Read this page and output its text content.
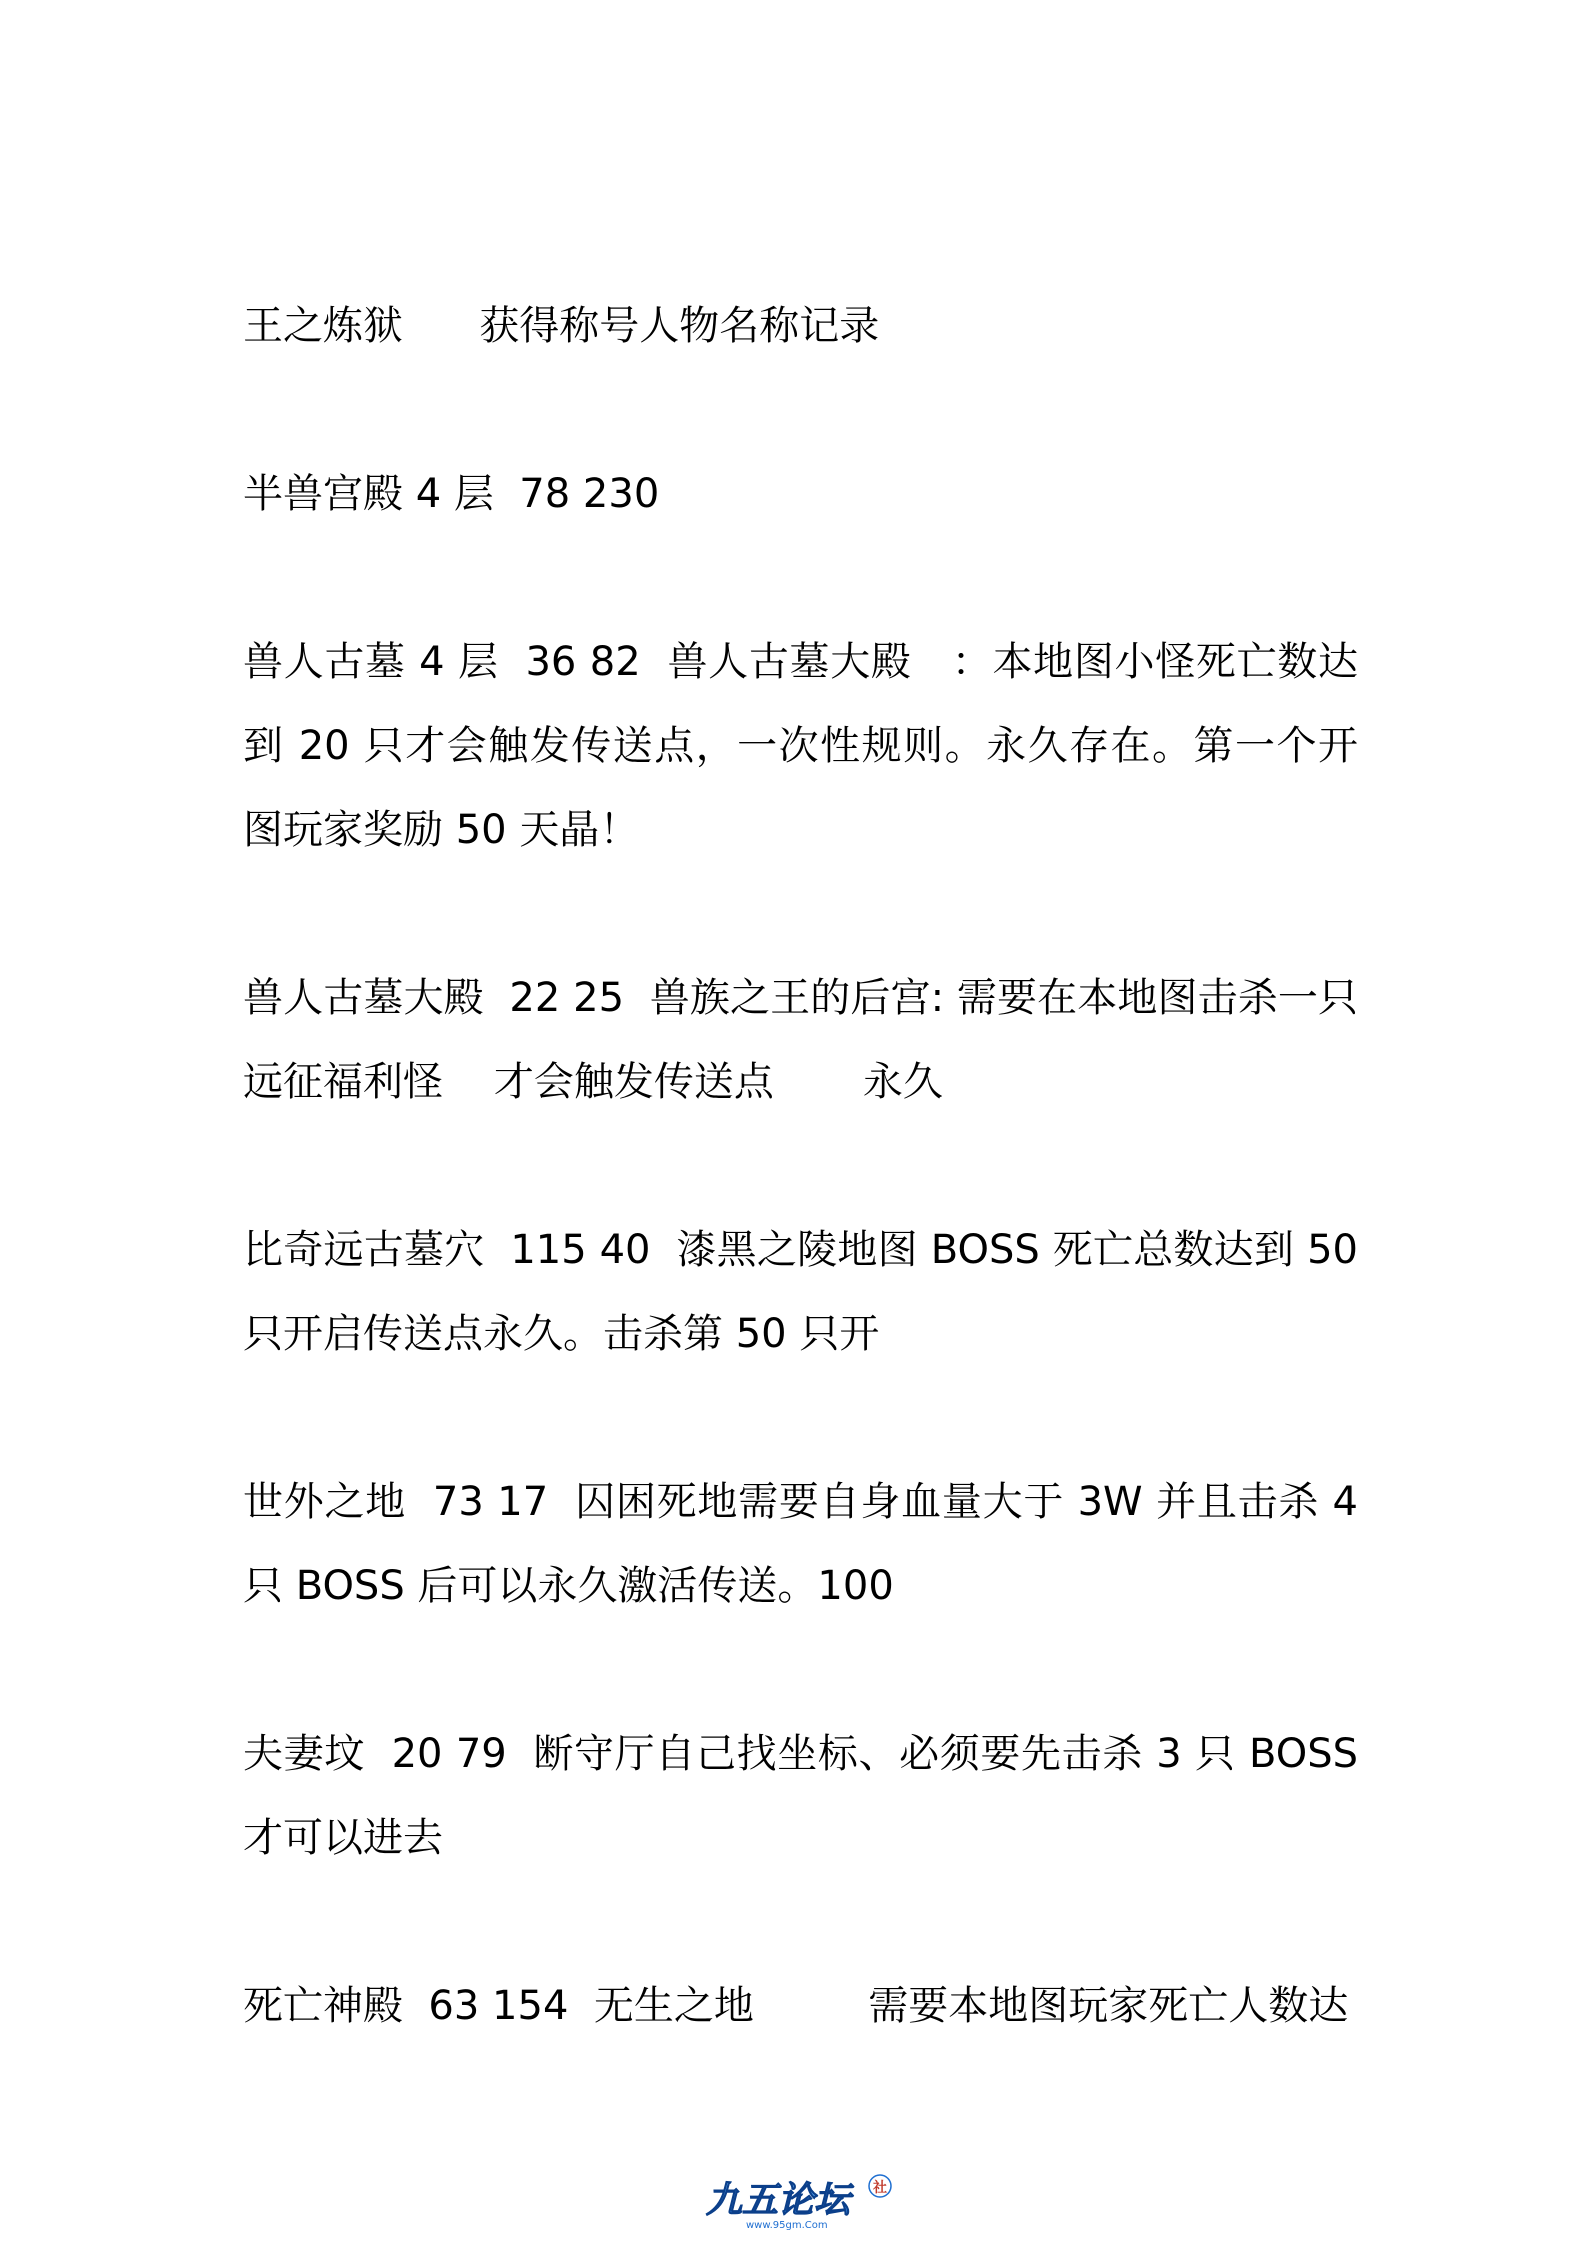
王之炼狱      获得称号人物名称记录

半兽宫殿 4 层  78 230

兽人古墓 4 层  36 82  兽人古墓大殿   ：本地图小怪死亡数达到 20 只才会触发传送点，一次性规则。永久存在。第一个开图玩家奖励 50 天晶！

兽人古墓大殿  22 25  兽族之王的后宫: 需要在本地图击杀一只    远征福利怪    才会触发传送点       永久

比奇远古墓穴  115 40  漆黑之陵地图 BOSS 死亡总数达到 50 只开启传送点永久。击杀第 50 只开

世外之地  73 17  囚困死地需要自身血量大于 3W 并且击杀 4 只 BOSS 后可以永久激活传送。100

夫妻坟  20 79  断守厅自己找坐标、必须要先击杀 3 只 BOSS 才可以进去

死亡神殿  63 154  无生之地         需要本地图玩家死亡人数达

九五论坛
www.95gm.Com
社
